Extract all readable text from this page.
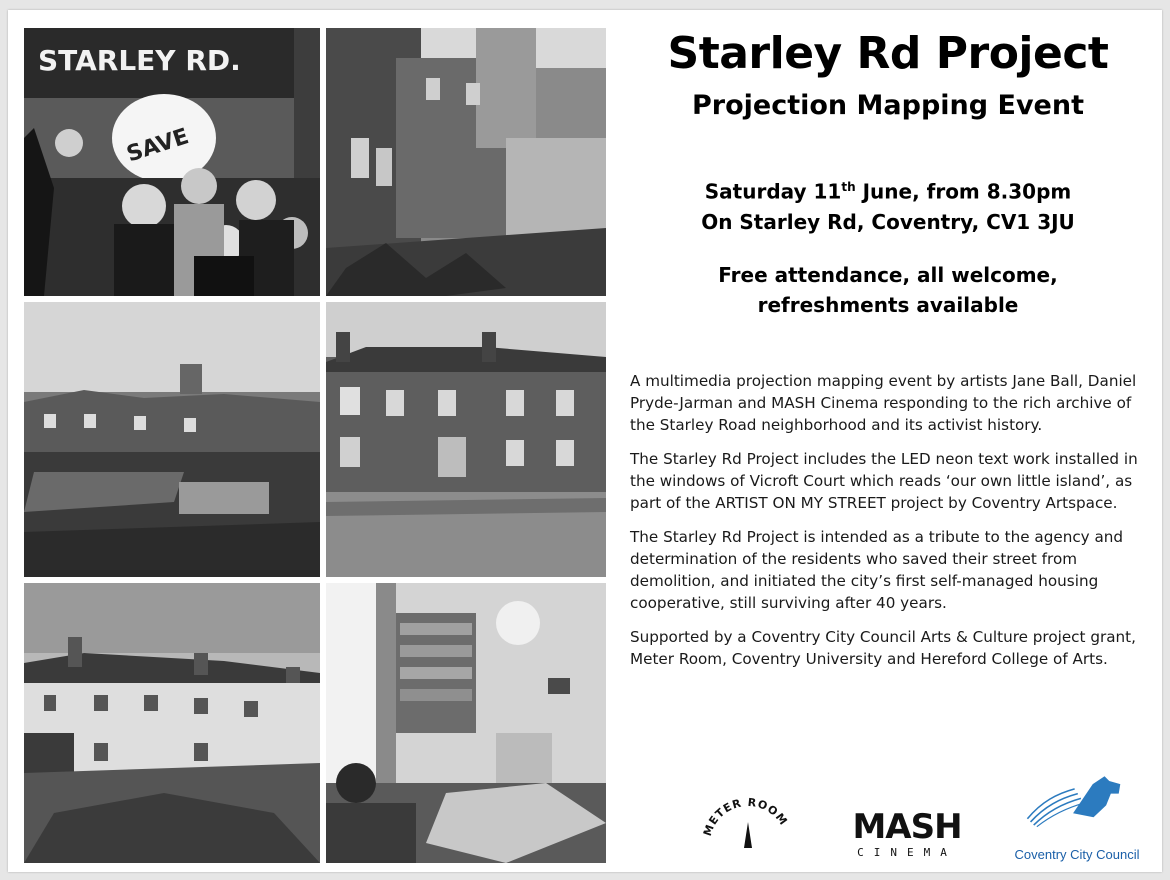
STARLEY RD.
SAVE
Starley Rd Project
Projection Mapping Event
Saturday 11th June, from 8.30pm
On Starley Rd, Coventry, CV1 3JU
Free attendance, all welcome,
refreshments available

A multimedia projection mapping event by artists Jane Ball, Daniel Pryde-Jarman and MASH Cinema responding to the rich archive of the Starley Road neighborhood and its activist history.

The Starley Rd Project includes the LED neon text work installed in the windows of Vicroft Court which reads ‘our own little island’, as part of the ARTIST ON MY STREET project by Coventry Artspace.

The Starley Rd Project is intended as a tribute to the agency and determination of the residents who saved their street from demolition, and initiated the city’s first self-managed housing cooperative, still surviving after 40 years.

Supported by a Coventry City Council Arts & Culture project grant, Meter Room, Coventry University and Hereford College of Arts.

METER ROOM MASH
CINEMA	Coventry City Council
